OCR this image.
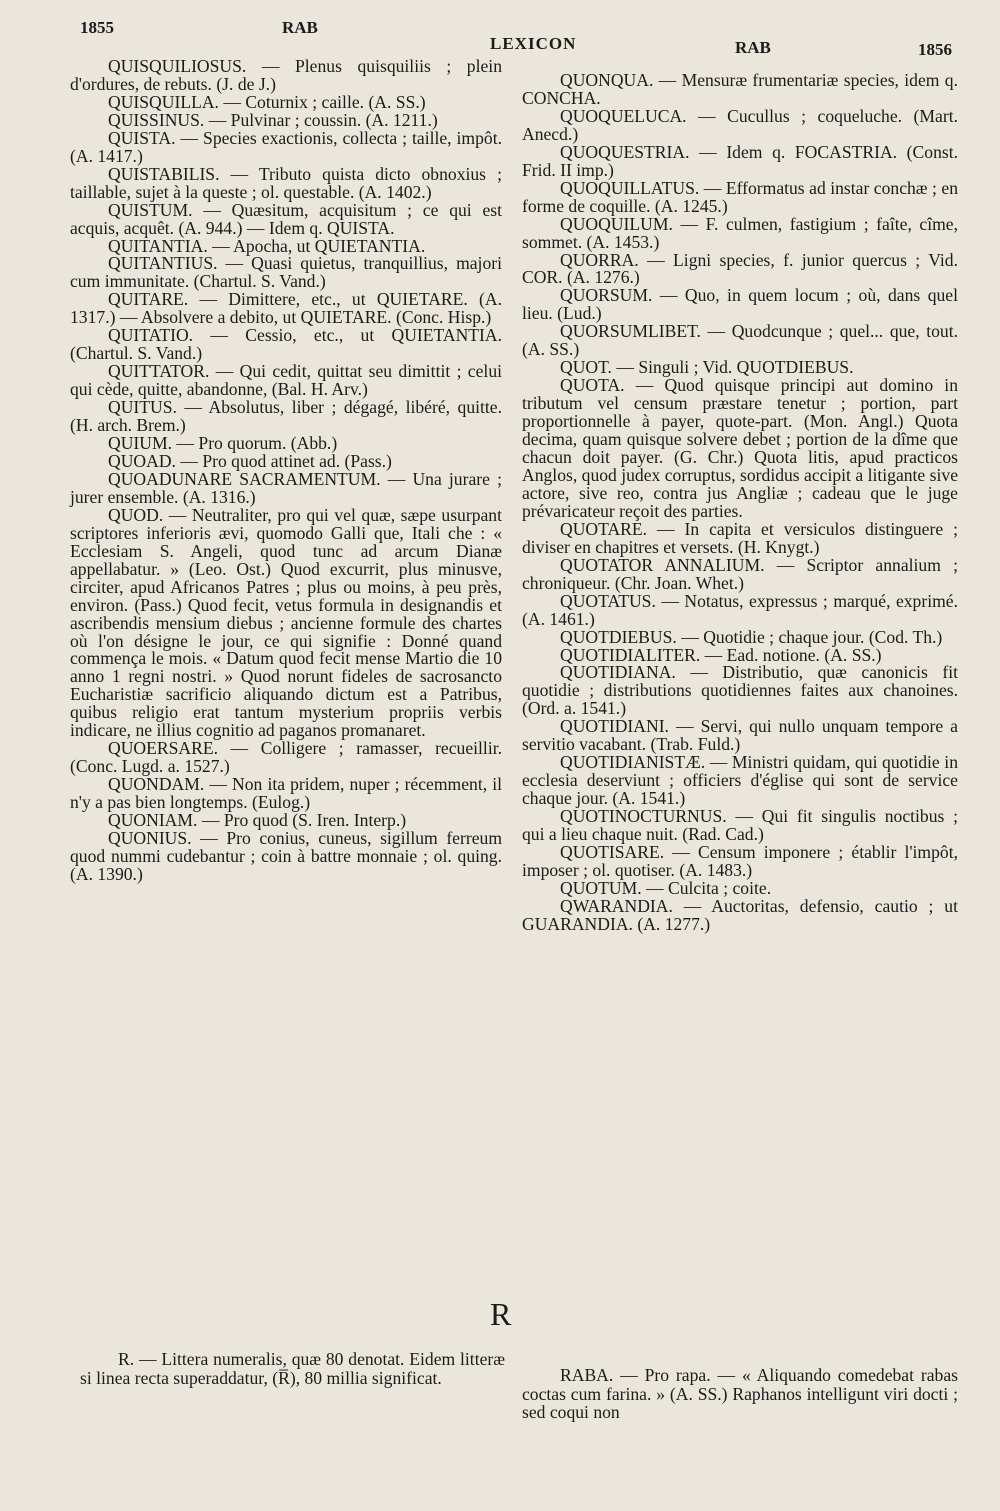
1855	RAB
LEXICON	RAB	1856

QUISQUILIOSUS. — Plenus quisquiliis ; plein d'ordures, de rebuts. (J. de J.)

QUISQUILLA. — Coturnix ; caille. (A. SS.)

QUISSINUS. — Pulvinar ; coussin. (A. 1211.)

QUISTA. — Species exactionis, collecta ; taille, impôt. (A. 1417.)

QUISTABILIS. — Tributo quista dicto obnoxius ; taillable, sujet à la queste ; ol. questable. (A. 1402.)

QUISTUM. — Quæsitum, acquisitum ; ce qui est acquis, acquêt. (A. 944.) — Idem q. QUISTA.

QUITANTIA. — Apocha, ut QUIETANTIA.

QUITANTIUS. — Quasi quietus, tranquillius, majori cum immunitate. (Chartul. S. Vand.)

QUITARE. — Dimittere, etc., ut QUIETARE. (A. 1317.) — Absolvere a debito, ut QUIETARE. (Conc. Hisp.)

QUITATIO. — Cessio, etc., ut QUIETANTIA. (Chartul. S. Vand.)

QUITTATOR. — Qui cedit, quittat seu dimittit ; celui qui cède, quitte, abandonne, (Bal. H. Arv.)

QUITUS. — Absolutus, liber ; dégagé, libéré, quitte. (H. arch. Brem.)

QUIUM. — Pro quorum. (Abb.)

QUOAD. — Pro quod attinet ad. (Pass.)

QUOADUNARE SACRAMENTUM. — Una jurare ; jurer ensemble. (A. 1316.)

QUOD. — Neutraliter, pro qui vel quæ, sæpe usurpant scriptores inferioris ævi, quomodo Galli que, Itali che : « Ecclesiam S. Angeli, quod tunc ad arcum Dianæ appellabatur. » (Leo. Ost.) Quod excurrit, plus minusve, circiter, apud Africanos Patres ; plus ou moins, à peu près, environ. (Pass.) Quod fecit, vetus formula in designandis et ascribendis mensium diebus ; ancienne formule des chartes où l'on désigne le jour, ce qui signifie : Donné quand commença le mois. « Datum quod fecit mense Martio die 10 anno 1 regni nostri. » Quod norunt fideles de sacrosancto Eucharistiæ sacrificio aliquando dictum est a Patribus, quibus religio erat tantum mysterium propriis verbis indicare, ne illius cognitio ad paganos promanaret.

QUOERSARE. — Colligere ; ramasser, recueillir. (Conc. Lugd. a. 1527.)

QUONDAM. — Non ita pridem, nuper ; récemment, il n'y a pas bien longtemps. (Eulog.)

QUONIAM. — Pro quod (S. Iren. Interp.)

QUONIUS. — Pro conius, cuneus, sigillum ferreum quod nummi cudebantur ; coin à battre monnaie ; ol. quing. (A. 1390.)

QUONQUA. — Mensuræ frumentariæ species, idem q. CONCHA.

QUOQUELUCA. — Cucullus ; coqueluche. (Mart. Anecd.)

QUOQUESTRIA. — Idem q. FOCASTRIA. (Const. Frid. II imp.)

QUOQUILLATUS. — Efformatus ad instar conchæ ; en forme de coquille. (A. 1245.)

QUOQUILUM. — F. culmen, fastigium ; faîte, cîme, sommet. (A. 1453.)

QUORRA. — Ligni species, f. junior quercus ; Vid. COR. (A. 1276.)

QUORSUM. — Quo, in quem locum ; où, dans quel lieu. (Lud.)

QUORSUMLIBET. — Quodcunque ; quel... que, tout. (A. SS.)

QUOT. — Singuli ; Vid. QUOTDIEBUS.

QUOTA. — Quod quisque principi aut domino in tributum vel censum præstare tenetur ; portion, part proportionnelle à payer, quote-part. (Mon. Angl.) Quota decima, quam quisque solvere debet ; portion de la dîme que chacun doit payer. (G. Chr.) Quota litis, apud practicos Anglos, quod judex corruptus, sordidus accipit a litigante sive actore, sive reo, contra jus Angliæ ; cadeau que le juge prévaricateur reçoit des parties.

QUOTARE. — In capita et versiculos distinguere ; diviser en chapitres et versets. (H. Knygt.)

QUOTATOR ANNALIUM. — Scriptor annalium ; chroniqueur. (Chr. Joan. Whet.)

QUOTATUS. — Notatus, expressus ; marqué, exprimé. (A. 1461.)

QUOTDIEBUS. — Quotidie ; chaque jour. (Cod. Th.)

QUOTIDIALITER. — Ead. notione. (A. SS.)

QUOTIDIANA. — Distributio, quæ canonicis fit quotidie ; distributions quotidiennes faites aux chanoines. (Ord. a. 1541.)

QUOTIDIANI. — Servi, qui nullo unquam tempore a servitio vacabant. (Trab. Fuld.)

QUOTIDIANISTÆ. — Ministri quidam, qui quotidie in ecclesia deserviunt ; officiers d'église qui sont de service chaque jour. (A. 1541.)

QUOTINOCTURNUS. — Qui fit singulis noctibus ; qui a lieu chaque nuit. (Rad. Cad.)

QUOTISARE. — Censum imponere ; établir l'impôt, imposer ; ol. quotiser. (A. 1483.)

QUOTUM. — Culcita ; coite.

QWARANDIA. — Auctoritas, defensio, cautio ; ut GUARANDIA. (A. 1277.)

R

R. — Littera numeralis, quæ 80 denotat. Eidem litteræ si linea recta superaddatur, (R̅), 80 millia significat.	RABA. — Pro rapa. — « Aliquando comedebat rabas coctas cum farina. » (A. SS.) Raphanos intelligunt viri docti ; sed coqui non
